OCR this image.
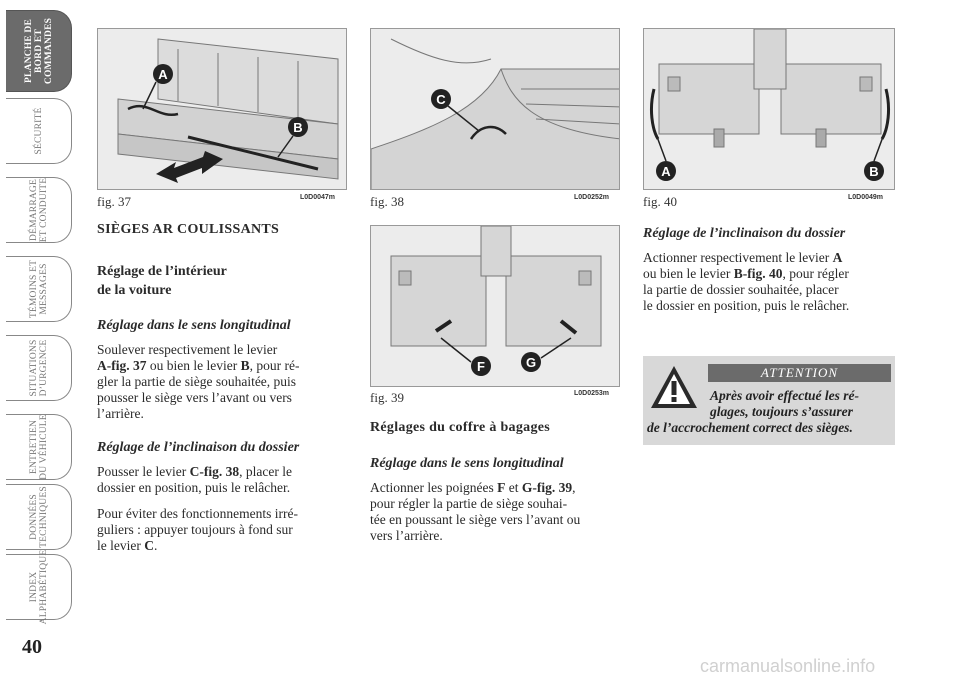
PLANCHE DE
BORD ET
COMMANDES
SÉCURITÉ
DÉMARRAGE
ET CONDUITE
TÉMOINS ET
MESSAGES
SITUATIONS
D’URGENCE
ENTRETIEN
DU VÉHICULE
DONNÉES
TECHNIQUES
INDEX
ALPHABÉTIQUE
40
A
B
fig. 37	L0D0047m
C
fig. 38	L0D0252m
F	G
fig. 39	L0D0253m
A	B
fig. 40	L0D0049m
SIÈGES AR COULISSANTS
Réglage de l’intérieur
de la voiture
Réglage dans le sens longitudinal
Soulever respectivement le levier
A-fig. 37 ou bien le levier B, pour ré-
gler la partie de siège souhaitée, puis
pousser le siège vers l’avant ou vers
l’arrière.
Réglage de l’inclinaison du dossier
Pousser le levier C-fig. 38, placer le
dossier en position, puis le relâcher.
Pour éviter des fonctionnements irré-
guliers : appuyer toujours à fond sur
le levier C.
Réglages du coffre à bagages
Réglage dans le sens longitudinal
Actionner les poignées F et G-fig. 39,
pour régler la partie de siège souhai-
tée en poussant le siège vers l’avant ou
vers l’arrière.
Réglage de l’inclinaison du dossier
Actionner respectivement le levier A
ou bien le levier B-fig. 40, pour régler
la partie de dossier souhaitée, placer
le dossier en position, puis le relâcher.
ATTENTION
Après avoir effectué les ré-
glages, toujours s’assurer
de l’accrochement correct des sièges.
carmanualsonline.info
